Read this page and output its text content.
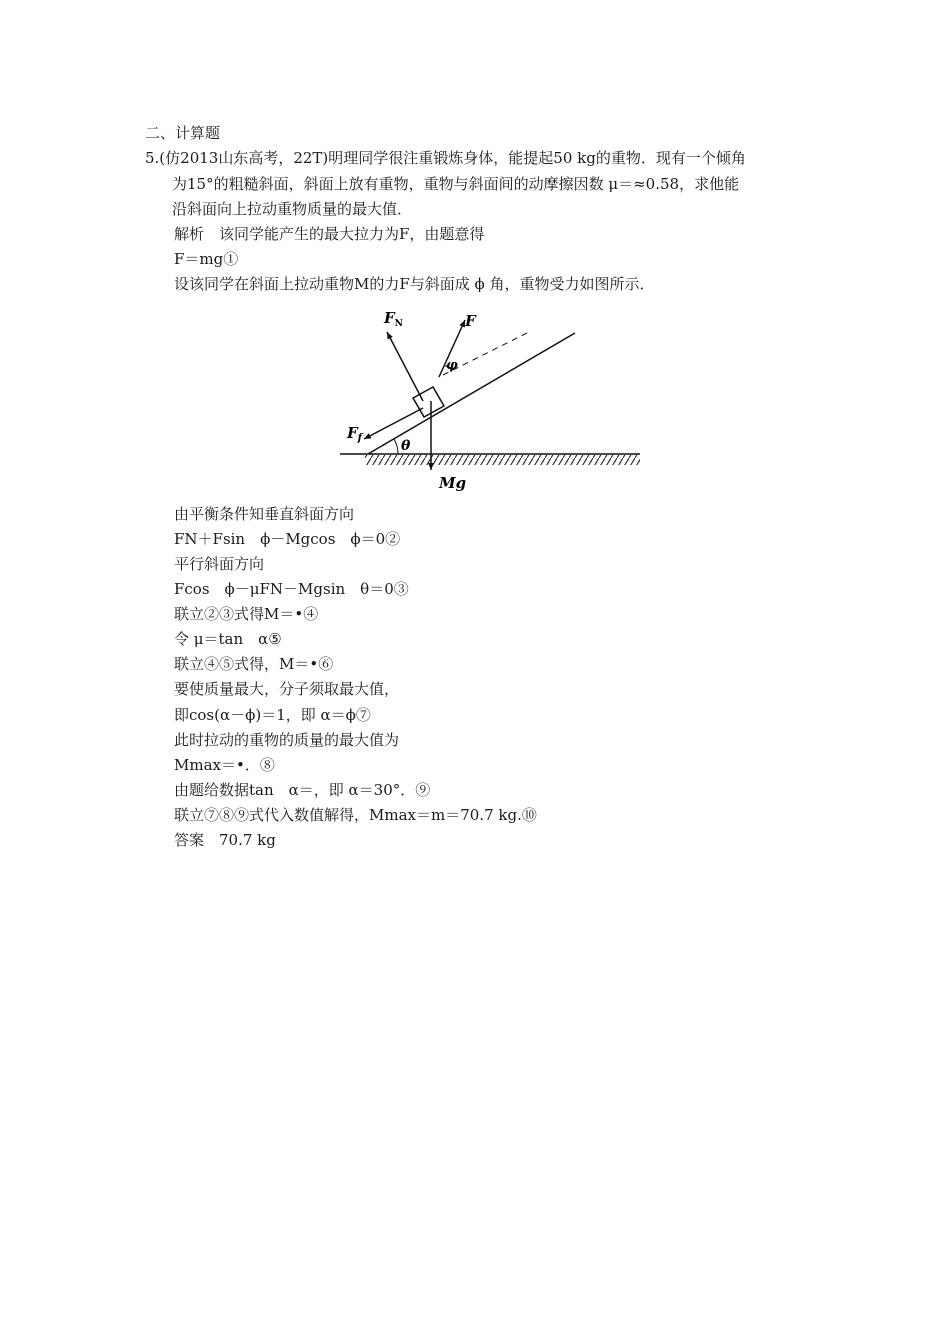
二、计算题
5.(仿2013山东高考，22T)明理同学很注重锻炼身体，能提起50 kg的重物．现有一个倾角
为15°的粗糙斜面，斜面上放有重物，重物与斜面间的动摩擦因数 μ＝≈0.58，求他能
沿斜面向上拉动重物质量的最大值．
解析　该同学能产生的最大拉力为F，由题意得
F＝mg①
设该同学在斜面上拉动重物M的力F与斜面成 ϕ 角，重物受力如图所示．
$F_N$	F
φ
$F_f$	θ
Mg
由平衡条件知垂直斜面方向
FN＋Fsin　ϕ－Mgcos　ϕ＝0②
平行斜面方向
Fcos　ϕ－μFN－Mgsin　θ＝0③
联立②③式得M＝•④
令 μ＝tan　α⑤
联立④⑤式得，M＝•⑥
要使质量最大，分子须取最大值，
即cos(α－ϕ)＝1，即 α＝ϕ⑦
此时拉动的重物的质量的最大值为
Mmax＝•．⑧
由题给数据tan　α＝，即 α＝30°．⑨
联立⑦⑧⑨式代入数值解得，Mmax＝m＝70.7 kg.⑩
答案　70.7 kg
